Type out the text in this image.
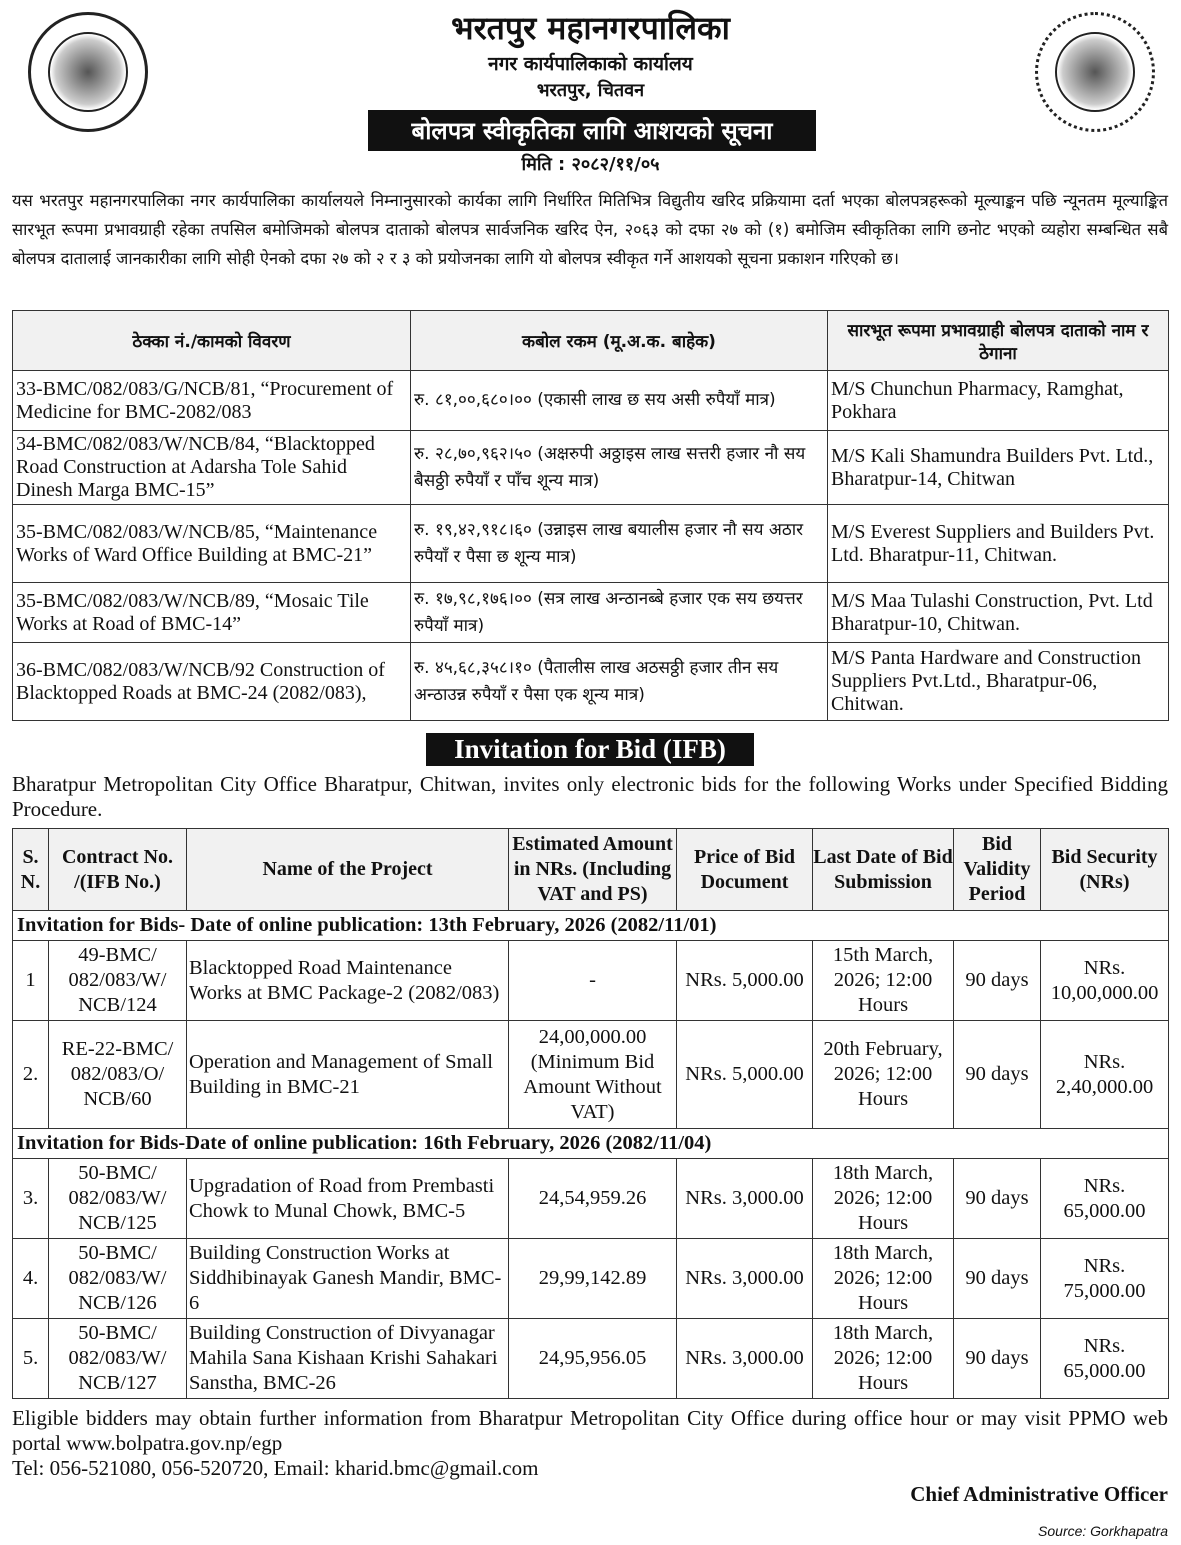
भरतपुर महानगरपालिका
नगर कार्यपालिकाको कार्यालय
भरतपुर, चितवन
बोलपत्र स्वीकृतिका लागि आशयको सूचना
मिति : २०८२/११/०५
यस भरतपुर महानगरपालिका नगर कार्यपालिका कार्यालयले निम्नानुसारको कार्यका लागि निर्धारित मितिभित्र विद्युतीय खरिद प्रक्रियामा दर्ता भएका बोलपत्रहरूको मूल्याङ्कन पछि न्यूनतम मूल्याङ्कित सारभूत रूपमा प्रभावग्राही रहेका तपसिल बमोजिमको बोलपत्र दाताको बोलपत्र सार्वजनिक खरिद ऐन, २०६३ को दफा २७ को (१) बमोजिम स्वीकृतिका लागि छनोट भएको व्यहोरा सम्बन्धित सबै बोलपत्र दातालाई जानकारीका लागि सोही ऐनको दफा २७ को २ र ३ को प्रयोजनका लागि यो बोलपत्र स्वीकृत गर्ने आशयको सूचना प्रकाशन गरिएको छ।
ठेक्का नं./कामको विवरण	कबोल रकम (मू.अ.क. बाहेक)	सारभूत रूपमा प्रभावग्राही बोलपत्र दाताको नाम र ठेगाना
33-BMC/082/083/G/NCB/81, “Procurement of Medicine for BMC-2082/083	रु. ८१,००,६८०।०० (एकासी लाख छ सय असी रुपैयाँ मात्र)	M/S Chunchun Pharmacy, Ramghat, Pokhara
34-BMC/082/083/W/NCB/84, “Blacktopped Road Construction at Adarsha Tole Sahid Dinesh Marga BMC-15”	रु. २८,७०,९६२।५० (अक्षरुपी अठ्ठाइस लाख सत्तरी हजार नौ सय बैसठ्ठी रुपैयाँ र पाँच शून्य मात्र)	M/S Kali Shamundra Builders Pvt. Ltd., Bharatpur-14, Chitwan
35-BMC/082/083/W/NCB/85, “Maintenance Works of Ward Office Building at BMC-21”	रु. १९,४२,९१८।६० (उन्नाइस लाख बयालीस हजार नौ सय अठार रुपैयाँ र पैसा छ शून्य मात्र)	M/S Everest Suppliers and Builders Pvt. Ltd. Bharatpur-11, Chitwan.
35-BMC/082/083/W/NCB/89, “Mosaic Tile Works at Road of BMC-14”	रु. १७,९८,१७६।०० (सत्र लाख अन्ठानब्बे हजार एक सय छयत्तर रुपैयाँ मात्र)	M/S Maa Tulashi Construction, Pvt. Ltd Bharatpur-10, Chitwan.
36-BMC/082/083/W/NCB/92 Construction of Blacktopped Roads at BMC-24 (2082/083),	रु. ४५,६८,३५८।१० (पैतालीस लाख अठसठ्ठी हजार तीन सय अन्ठाउन्न रुपैयाँ र पैसा एक शून्य मात्र)	M/S Panta Hardware and Construction Suppliers Pvt.Ltd., Bharatpur-06, Chitwan.
Invitation for Bid (IFB)
Bharatpur Metropolitan City Office Bharatpur, Chitwan, invites only electronic bids for the following Works under Specified Bidding Procedure.
S. N.	Contract No. /(IFB No.)	Name of the Project	Estimated Amount in NRs. (Including VAT and PS)	Price of Bid Document	Last Date of Bid Submission	Bid Validity Period	Bid Security (NRs)
Invitation for Bids- Date of online publication: 13th February, 2026 (2082/11/01)							
1	49-BMC/ 082/083/W/ NCB/124	Blacktopped Road Maintenance Works at BMC Package-2 (2082/083)	-	NRs. 5,000.00	15th March, 2026; 12:00 Hours	90 days	NRs. 10,00,000.00
2.	RE-22-BMC/ 082/083/O/ NCB/60	Operation and Management of Small Building in BMC-21	24,00,000.00 (Minimum Bid Amount Without VAT)	NRs. 5,000.00	20th February, 2026; 12:00 Hours	90 days	NRs. 2,40,000.00
Invitation for Bids-Date of online publication: 16th February, 2026 (2082/11/04)							
3.	50-BMC/ 082/083/W/ NCB/125	Upgradation of Road from Prembasti Chowk to Munal Chowk, BMC-5	24,54,959.26	NRs. 3,000.00	18th March, 2026; 12:00 Hours	90 days	NRs. 65,000.00
4.	50-BMC/ 082/083/W/ NCB/126	Building Construction Works at Siddhibinayak Ganesh Mandir, BMC-6	29,99,142.89	NRs. 3,000.00	18th March, 2026; 12:00 Hours	90 days	NRs. 75,000.00
5.	50-BMC/ 082/083/W/ NCB/127	Building Construction of Divyanagar Mahila Sana Kishaan Krishi Sahakari Sanstha, BMC-26	24,95,956.05	NRs. 3,000.00	18th March, 2026; 12:00 Hours	90 days	NRs. 65,000.00
Eligible bidders may obtain further information from Bharatpur Metropolitan City Office during office hour or may visit PPMO web portal www.bolpatra.gov.np/egp
Tel: 056-521080, 056-520720, Email: kharid.bmc@gmail.com
Chief Administrative Officer
Source: Gorkhapatra
